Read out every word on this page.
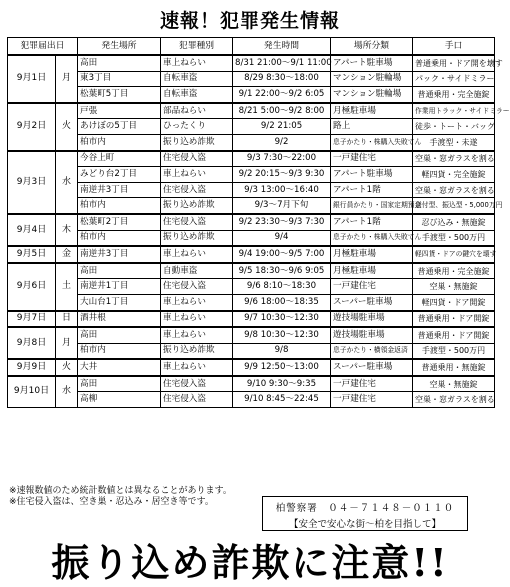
速報！犯罪発生情報
犯罪届出日		発生場所	犯罪種別	発生時間	場所分類	手口
9月1日	月	高田	車上ねらい	8/31 21:00～9/1 11:00	アパート駐車場	普通乗用・ドア開を壊す
		東3丁目	自転車盗	8/29 8:30～18:00	マンション駐輪場	パック・サイドミラー
		松葉町5丁目	自転車盗	9/1 22:00～9/2 6:05	マンション駐輪場	普通乗用・完全施錠
9月2日	火	戸張	部品ねらい	8/21 5:00～9/2 8:00	月極駐車場	作業用トラック・サイドミラー
		あけぼの5丁目	ひったくり	9/2 21:05	路上	徒歩・トート・バッグ
		柏市内	振り込め詐欺	9/2	息子かたり・株購入失敗てん	手渡型・未遂
9月3日	水	今谷上町	住宅侵入盗	9/3 7:30～22:00	一戸建住宅	空巣・窓ガラスを割る
		みどり台2丁目	車上ねらい	9/2 20:15～9/3 9:30	アパート駐車場	軽四貨・完全施錠
		南逆井3丁目	住宅侵入盗	9/3 13:00～16:40	アパート1階	空巣・窓ガラスを割る
		柏市内	振り込め詐欺	9/3～7月下旬	銀行員かたり・国家定期預金	送付型、振込型・5,000万円
9月4日	木	松葉町2丁目	住宅侵入盗	9/2 23:30～9/3 7:30	アパート1階	忍び込み・無施錠
		柏市内	振り込め詐欺	9/4	息子かたり・株購入失敗てん	手渡型・500万円
9月5日	金	南逆井3丁目	車上ねらい	9/4 19:00～9/5 7:00	月極駐車場	軽四貨・ドアの鍵穴を壊す
9月6日	土	高田	自動車盗	9/5 18:30～9/6 9:05	月極駐車場	普通乗用・完全施錠
		南逆井1丁目	住宅侵入盗	9/6 8:10～18:30	一戸建住宅	空巣・無施錠
		大山台1丁目	車上ねらい	9/6 18:00～18:35	スーパー駐車場	軽四貨・ドア開錠
9月7日	日	酒井根	車上ねらい	9/7 10:30～12:30	遊技場駐車場	普通乗用・ドア開錠
9月8日	月	高田	車上ねらい	9/8 10:30～12:30	遊技場駐車場	普通乗用・ドア開錠
		柏市内	振り込め詐欺	9/8	息子かたり・横領金返済	手渡型・500万円
9月9日	火	大井	車上ねらい	9/9 12:50～13:00	スーパー駐車場	普通乗用・無施錠
9月10日	水	高田	住宅侵入盗	9/10 9:30～9:35	一戸建住宅	空巣・無施錠
		高柳	住宅侵入盗	9/10 8:45～22:45	一戸建住宅	空巣・窓ガラスを割る
※速報数値のため統計数値とは異なることがあります。
※住宅侵入盗は、空き巣・忍込み・居空き等です。
柏警察署　０４－７１４８－０１１０
【安全で安心な街～柏を目指して】
振り込め詐欺に注意!!
